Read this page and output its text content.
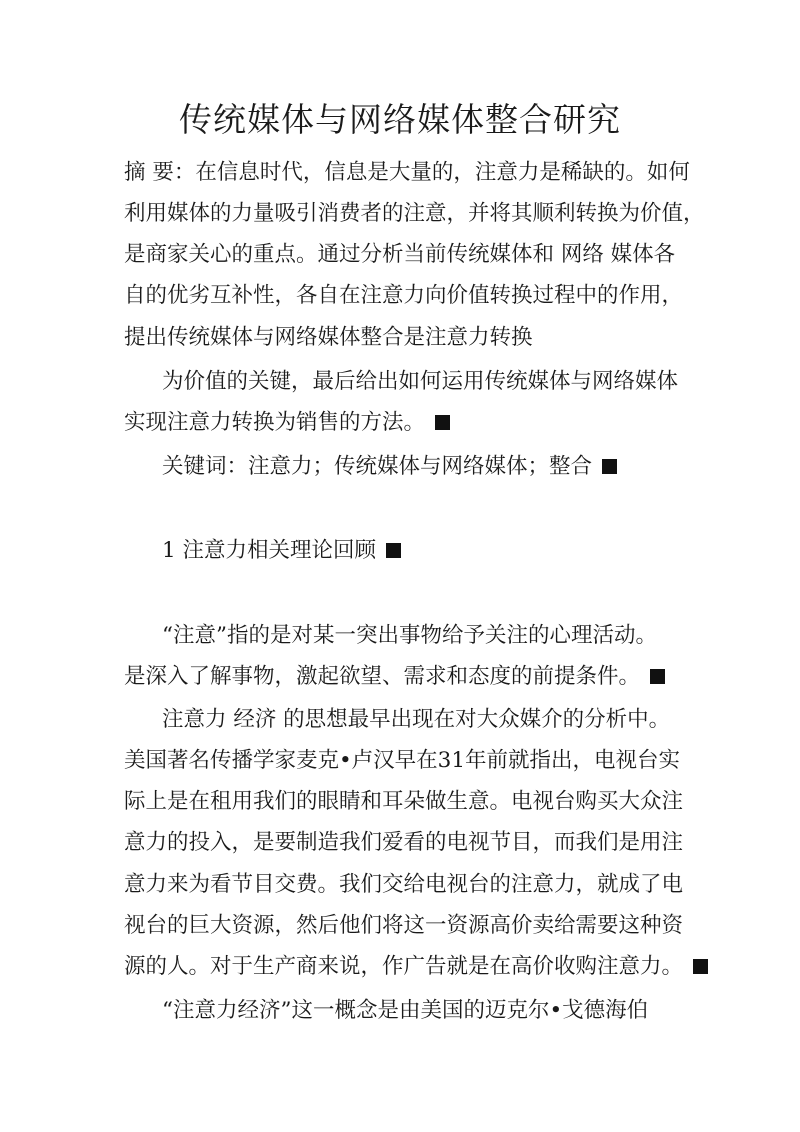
传统媒体与网络媒体整合研究
摘 要：在信息时代，信息是大量的，注意力是稀缺的。如何
利用媒体的力量吸引消费者的注意，并将其顺利转换为价值，
是商家关心的重点。通过分析当前传统媒体和 网络 媒体各
自的优劣互补性，各自在注意力向价值转换过程中的作用，
提出传统媒体与网络媒体整合是注意力转换
为价值的关键，最后给出如何运用传统媒体与网络媒体
实现注意力转换为销售的方法。
关键词：注意力；传统媒体与网络媒体；整合
1 注意力相关理论回顾
“注意”指的是对某一突出事物给予关注的心理活动。
是深入了解事物，激起欲望、需求和态度的前提条件。
注意力 经济 的思想最早出现在对大众媒介的分析中。
美国著名传播学家麦克•卢汉早在31年前就指出，电视台实
际上是在租用我们的眼睛和耳朵做生意。电视台购买大众注
意力的投入，是要制造我们爱看的电视节目，而我们是用注
意力来为看节目交费。我们交给电视台的注意力，就成了电
视台的巨大资源，然后他们将这一资源高价卖给需要这种资
源的人。对于生产商来说，作广告就是在高价收购注意力。
“注意力经济”这一概念是由美国的迈克尔•戈德海伯
